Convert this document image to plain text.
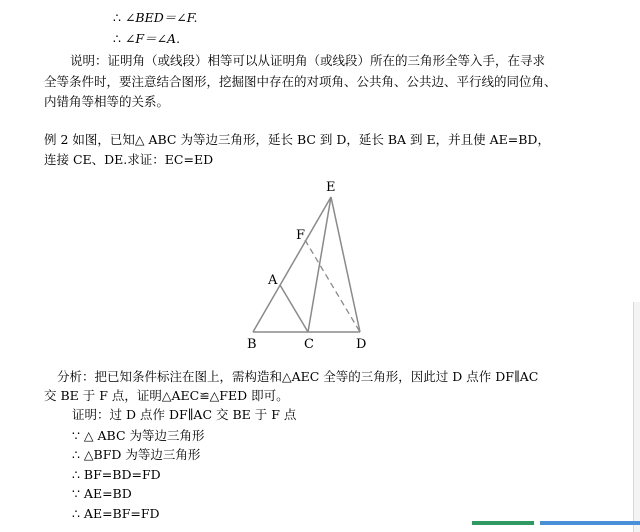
∴ ∠BED＝∠F.
∴ ∠F＝∠A.
说明：证明角（或线段）相等可以从证明角（或线段）所在的三角形全等入手，在寻求
全等条件时，要注意结合图形，挖掘图中存在的对项角、公共角、公共边、平行线的同位角、
内错角等相等的关系。
例 2 如图，已知△ ABC 为等边三角形，延长 BC 到 D，延长 BA 到 E，并且使 AE=BD，
连接 CE、DE.求证：EC=ED
E
F
A
B	C	D
分析：把已知条件标注在图上，需构造和△AEC 全等的三角形，因此过 D 点作 DF∥AC
交 BE 于 F 点，证明△AEC≌△FED 即可。
证明：过 D 点作 DF∥AC 交 BE 于 F 点
∵ △ ABC 为等边三角形
∴ △BFD 为等边三角形
∴ BF=BD=FD
∵ AE=BD
∴ AE=BF=FD
